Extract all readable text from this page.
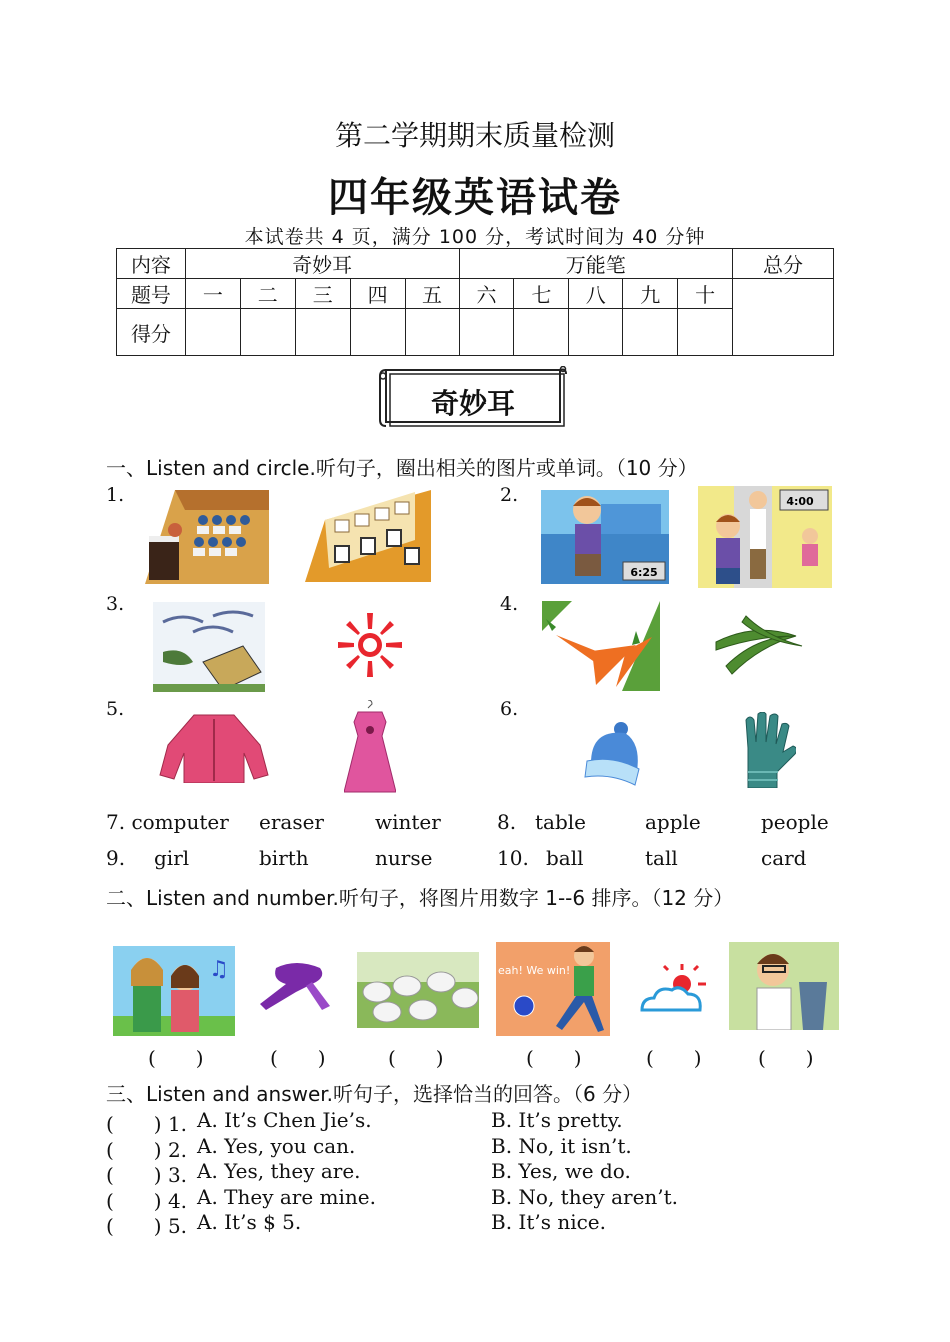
第二学期期末质量检测
四年级英语试卷
本试卷共 4 页，满分 100 分，考试时间为 40 分钟
内容	奇妙耳					万能笔					总分
题号	一	二	三	四	五	六	七	八	九	十	
得分											
奇妙耳
一、Listen and circle.听句子，圈出相关的图片或单词。（10 分）
1.	2.
3.	4.
5.	6.
6:25
4:00
7. computer eraser	winter	8. table	apple	people
9. girl	birth	nurse	10. ball	tall	card
二、Listen and number.听句子，将图片用数字 1--6 排序。（12 分）
♫	eah! We win!
(　　)	(　　)	(　　)	(　　)	(　　)	(　　)
三、Listen and answer.听句子，选择恰当的回答。（6 分）
(　　) 1. A. It’s Chen Jie’s.	B. It’s pretty.
(　　) 2. A. Yes, you can.	B. No, it isn’t.
(　　) 3. A. Yes, they are.	B. Yes, we do.
(　　) 4. A. They are mine.	B. No, they aren’t.
(　　) 5. A. It’s $ 5.	B. It’s nice.
